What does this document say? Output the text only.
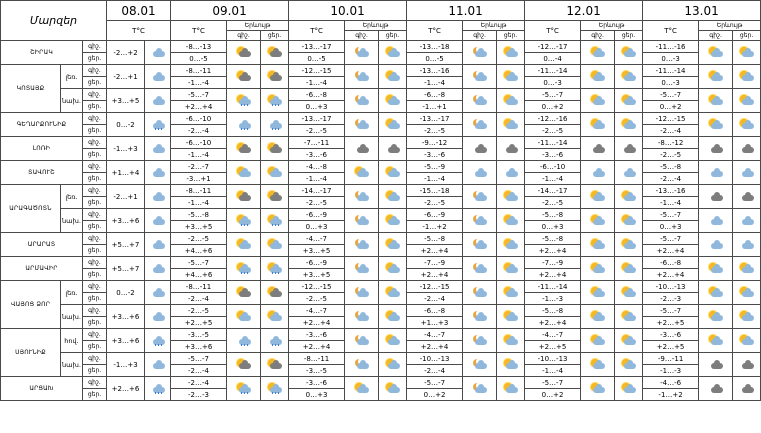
Մարզեր			08.01		09.01			10.01			11.01			12.01			13.01		
			T°C		T°C	Երևույթ		T°C	Երևույթ		T°C	Երևույթ		T°C	Երևույթ		T°C	Երևույթ	
						գիշ.	ցեր.		գիշ.	ցեր.		գիշ.	ցեր.		գիշ.	ցեր.		գիշ.	ցեր.
ՇԻՐԱԿ		գիշ.	-2…+2		-8…-13			-13…-17			-13…-18			-12…-17			-11…-16	

		ցեր.			0…-5			0…-5			0…-5			0…-4			0…-3		
ԿՈՏԱՅՔ	լեռ.	գիշ.	-2…+1		-8…-11			-12…-15			-13…-16			-11…-14			-11…-14	

		ցեր.			-1…-4			-1…-4			-1…-4			0…-3			0…-3		
	նախ.	գիշ.	+3…+5		-5…-7			-6…-8			-6…-8			-5…-7			-5…-7	

		ցեր.			+2…+4			0…+3			-1…+1			0…+2			0…+2		
ԳԵՂԱՐՔՈՒՆԻՔ		գիշ.	0…-2		-6…-10			-13…-17			-13…-17			-12…-16			-12…-15	

		ցեր.			-2…-4			-2…-5			-2…-5			-2…-5			-2…-4		
ԼՈՌԻ		գիշ.	-1…+3		-6…-10			-7…-11			-9…-12			-11…-14			-8…-12	

		ցեր.			-1…-4			-3…-6			-3…-6			-3…-6			-2…-5		
ՏԱՎՈՒՇ		գիշ.	+1…+4		-2…-7			-4…-8			-5…-9			-6…-10			-5…-8	

		ցեր.			-3…+1			-1…-4			-1…-4			-1…-4			-2…-4		
ԱՐԱԳԱԾՈՏՆ	լեռ.	գիշ.	-2…+1		-8…-11			-14…-17			-15…-18			-14…-17			-13…-16	

		ցեր.			-1…-4			-2…-5			-2…-5			-2…-5			-1…-4		
	նախ.	գիշ.	+3…+6		-5…-8			-6…-9			-6…-9			-5…-8			-5…-7	

		ցեր.			+3…+5			0…+3			-1…+2			0…+3			0…+3		
ԱՐԱՐԱՏ		գիշ.	+5…+7		-2…-5			-4…-7			-5…-8			-5…-8			-5…-7	

		ցեր.			+4…+6			+3…+5			+2…+4			+2…+4			+2…+4		
ԱՐՄԱՎԻՐ		գիշ.	+5…+7		-5…-7			-6…-9			-7…-9			-7…-9			-6…-8	

		ցեր.			+4…+6			+3…+5			+2…+4			+2…+4			+2…+4		
ՎԱՅՈՑ ՁՈՐ	լեռ.	գիշ.	0…-2		-8…-11			-12…-15			-12…-15			-11…-14			-10…-13	

		ցեր.			-2…-4			-2…-5			-2…-4			-1…-3			-2…-3		
	նախ.	գիշ.	+3…+6		-2…-5			-4…-7			-6…-8			-5…-8			-5…-7	

		ցեր.			+2…+5			+2…+4			+1…+3			+2…+4			+2…+5		
ՍՅՈՒՆԻՔ	հով.	գիշ.	+3…+6		-3…-5			-3…-6			-4…-7			-4…-7			-3…-6	

		ցեր.			+3…+6			+2…+4			+2…+4			+2…+5			+2…+5		
	նախ.	գիշ.	-1…+3		-5…-7			-8…-11			-10…-13			-10…-13			-9…-11	

		ցեր.			-2…-4			-3…-5			-2…-4			-1…-4			-1…-3		
ԱՐՑԱԽ		գիշ.	+2…+6		-2…-4			-3…-6			-5…-7			-5…-7			-4…-6	

		ցեր.			-2…-3			0…+3			0…+2			0…+2			-1…+2		
